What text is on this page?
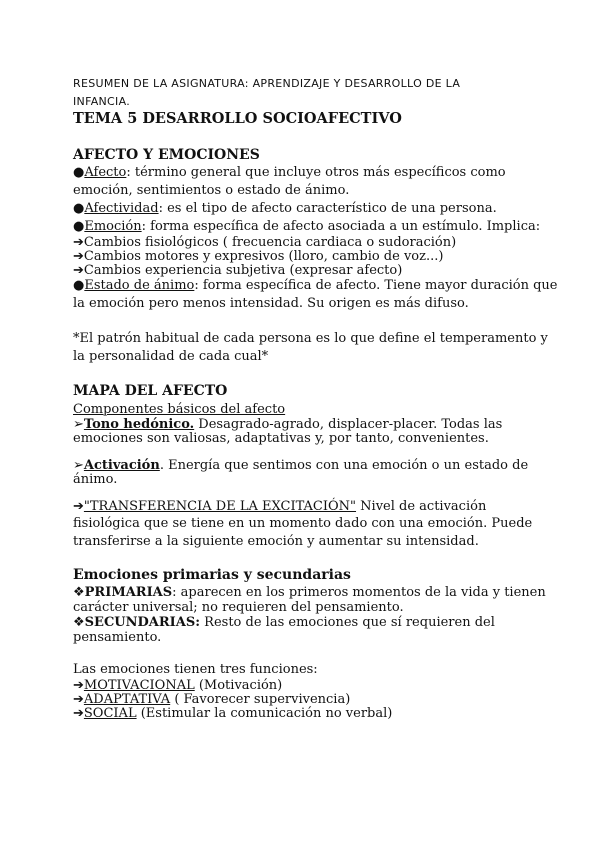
RESUMEN DE LA ASIGNATURA: APRENDIZAJE Y DESARROLLO DE LA
INFANCIA.
TEMA 5 DESARROLLO SOCIOAFECTIVO
AFECTO Y EMOCIONES
●Afecto: término general que incluye otros más específicos como
emoción, sentimientos o estado de ánimo.
●Afectividad: es el tipo de afecto característico de una persona.
●Emoción: forma específica de afecto asociada a un estímulo. Implica:
➔Cambios fisiológicos ( frecuencia cardiaca o sudoración)
➔Cambios motores y expresivos (lloro, cambio de voz...)
➔Cambios experiencia subjetiva (expresar afecto)
●Estado de ánimo: forma específica de afecto. Tiene mayor duración que
la emoción pero menos intensidad. Su origen es más difuso.
*El patrón habitual de cada persona es lo que define el temperamento y
la personalidad de cada cual*
MAPA DEL AFECTO
Componentes básicos del afecto
➢Tono hedónico. Desagrado-agrado, displacer-placer. Todas las
emociones son valiosas, adaptativas y, por tanto, convenientes.
➢Activación. Energía que sentimos con una emoción o un estado de
ánimo.
➔"TRANSFERENCIA DE LA EXCITACIÓN" Nivel de activación
fisiológica que se tiene en un momento dado con una emoción. Puede
transferirse a la siguiente emoción y aumentar su intensidad.
Emociones primarias y secundarias
❖PRIMARIAS: aparecen en los primeros momentos de la vida y tienen
carácter universal; no requieren del pensamiento.
❖SECUNDARIAS: Resto de las emociones que sí requieren del
pensamiento.
Las emociones tienen tres funciones:
➔MOTIVACIONAL (Motivación)
➔ADAPTATIVA ( Favorecer supervivencia)
➔SOCIAL (Estimular la comunicación no verbal)
